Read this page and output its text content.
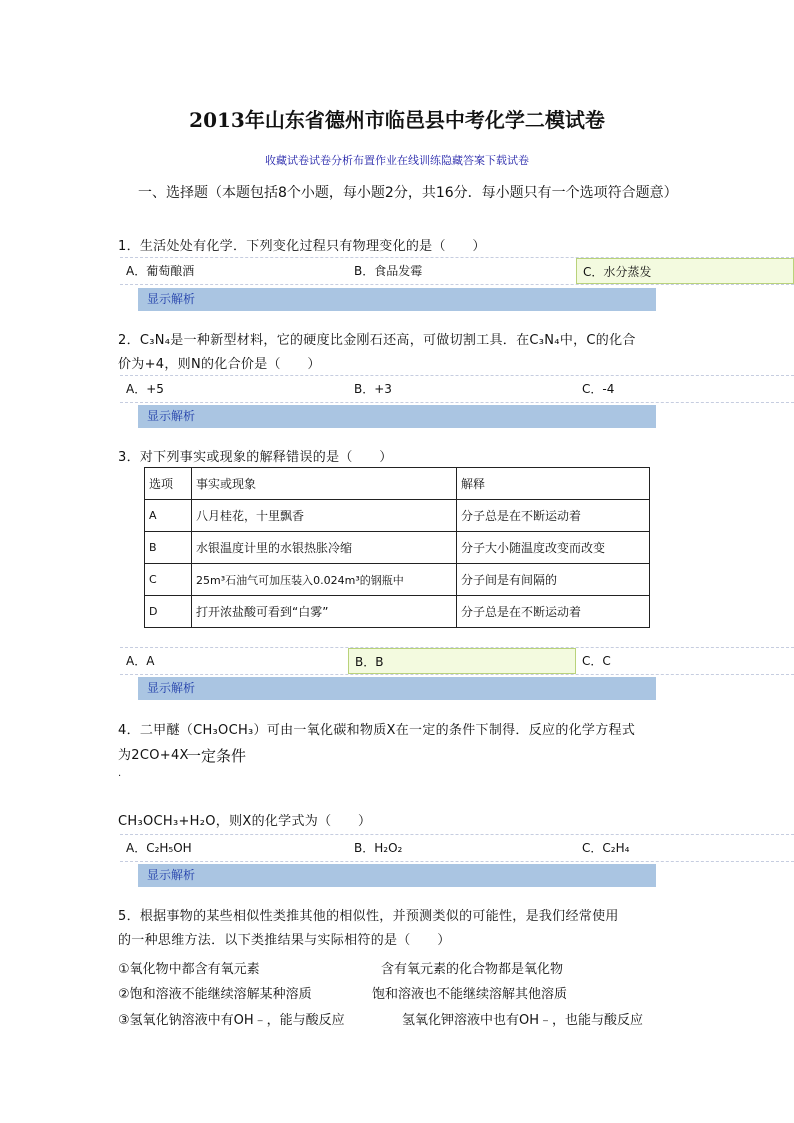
2013年山东省德州市临邑县中考化学二模试卷
收藏试卷试卷分析布置作业在线训练隐藏答案下载试卷
一、选择题（本题包括8个小题，每小题2分，共16分．每小题只有一个选项符合题意）
1．生活处处有化学．下列变化过程只有物理变化的是（　　）
A．葡萄酿酒	B．食品发霉	C．水分蒸发
显示解析
2．C₃N₄是一种新型材料，它的硬度比金刚石还高，可做切割工具．在C₃N₄中，C的化合
价为+4，则N的化合价是（　　）
A．+5	B．+3	C．-4
显示解析
3．对下列事实或现象的解释错误的是（　　）
选项	事实或现象	解释
A	八月桂花，十里飘香	分子总是在不断运动着
B	水银温度计里的水银热胀冷缩	分子大小随温度改变而改变
C	25m³石油气可加压装入0.024m³的钢瓶中	分子间是有间隔的
D	打开浓盐酸可看到“白雾”	分子总是在不断运动着
A．A	B．B	C．C
显示解析
4．二甲醚（CH₃OCH₃）可由一氧化碳和物质X在一定的条件下制得．反应的化学方程式
为2CO+4X
一定条件
.
CH₃OCH₃+H₂O，则X的化学式为（　　）
A．C₂H₅OH	B．H₂O₂	C．C₂H₄
显示解析
5．根据事物的某些相似性类推其他的相似性，并预测类似的可能性，是我们经常使用
的一种思维方法．以下类推结果与实际相符的是（　　）
①氧化物中都含有氧元素	含有氧元素的化合物都是氧化物
②饱和溶液不能继续溶解某种溶质	饱和溶液也不能继续溶解其他溶质
③氢氧化钠溶液中有OH﹣，能与酸反应	氢氧化钾溶液中也有OH﹣，也能与酸反应
